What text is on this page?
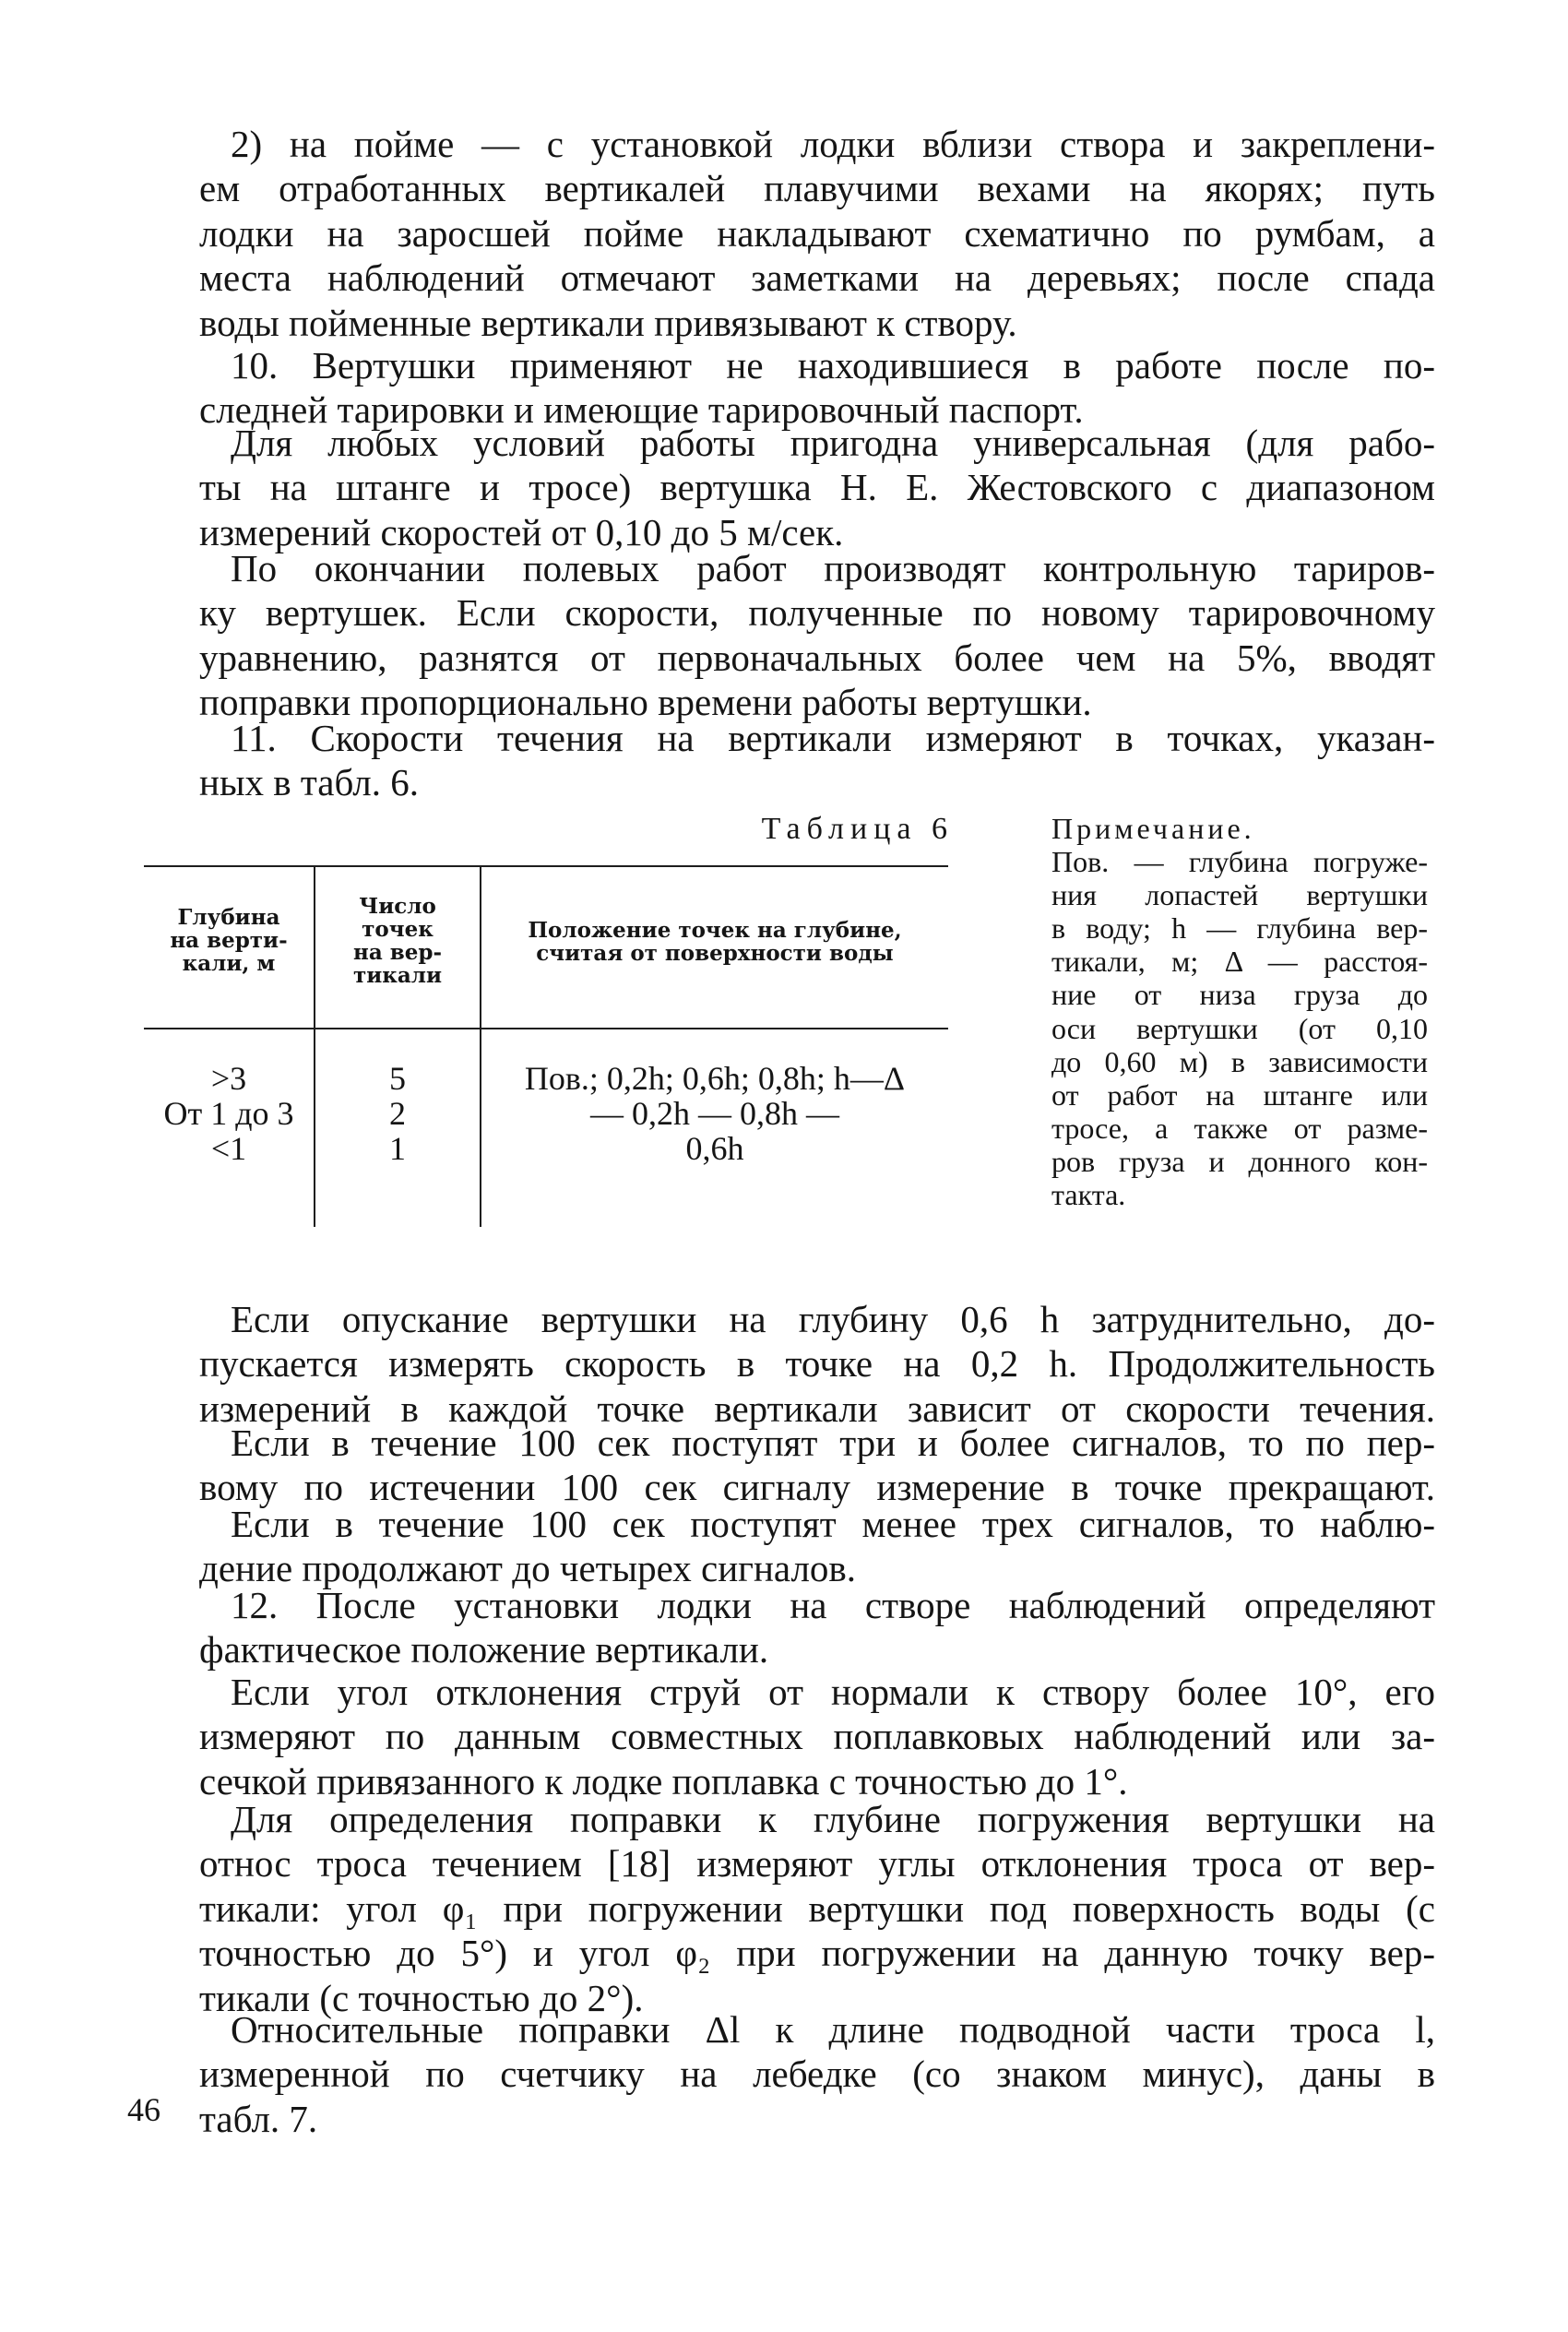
2) на пойме — с установкой лодки вблизи створа и закреплени-
ем отработанных вертикалей плавучими вехами на якорях; путь
лодки на заросшей пойме накладывают схематично по румбам, а
места наблюдений отмечают заметками на деревьях; после спада
воды пойменные вертикали привязывают к створу.
10. Вертушки применяют не находившиеся в работе после по-
следней тарировки и имеющие тарировочный паспорт.
Для любых условий работы пригодна универсальная (для рабо-
ты на штанге и тросе) вертушка Н. Е. Жестовского с диапазоном
измерений скоростей от 0,10 до 5 м/сек.
По окончании полевых работ производят контрольную тариров-
ку вертушек. Если скорости, полученные по новому тарировочному
уравнению, разнятся от первоначальных более чем на 5%, вводят
поправки пропорционально времени работы вертушки.
11. Скорости течения на вертикали измеряют в точках, указан-
ных в табл. 6.
Таблица 6
Глубина
на верти-
кали, м
Число
точек
на вер-
тикали
Положение точек на глубине,
считая от поверхности воды
>3
От 1 до 3
<1
5
2
1
Пов.; 0,2h; 0,6h; 0,8h; h—Δ
— 0,2h — 0,8h —
0,6h
Примечание.
Пов. — глубина погруже-
ния лопастей вертушки
в воду; h — глубина вер-
тикали, м; Δ — расстоя-
ние от низа груза до
оси вертушки (от 0,10
до 0,60 м) в зависимости
от работ на штанге или
тросе, а также от разме-
ров груза и донного кон-
такта.
Если опускание вертушки на глубину 0,6 h затруднительно, до-
пускается измерять скорость в точке на 0,2 h. Продолжительность
измерений в каждой точке вертикали зависит от скорости течения.
Если в течение 100 сек поступят три и более сигналов, то по пер-
вому по истечении 100 сек сигналу измерение в точке прекращают.
Если в течение 100 сек поступят менее трех сигналов, то наблю-
дение продолжают до четырех сигналов.
12. После установки лодки на створе наблюдений определяют
фактическое положение вертикали.
Если угол отклонения струй от нормали к створу более 10°, его
измеряют по данным совместных поплавковых наблюдений или за-
сечкой привязанного к лодке поплавка с точностью до 1°.
Для определения поправки к глубине погружения вертушки на
относ троса течением [18] измеряют углы отклонения троса от вер-
тикали: угол φ₁ при погружении вертушки под поверхность воды (с
точностью до 5°) и угол φ₂ при погружении на данную точку вер-
тикали (с точностью до 2°).
Относительные поправки Δl к длине подводной части троса l,
измеренной по счетчику на лебедке (со знаком минус), даны в
табл. 7.
46
